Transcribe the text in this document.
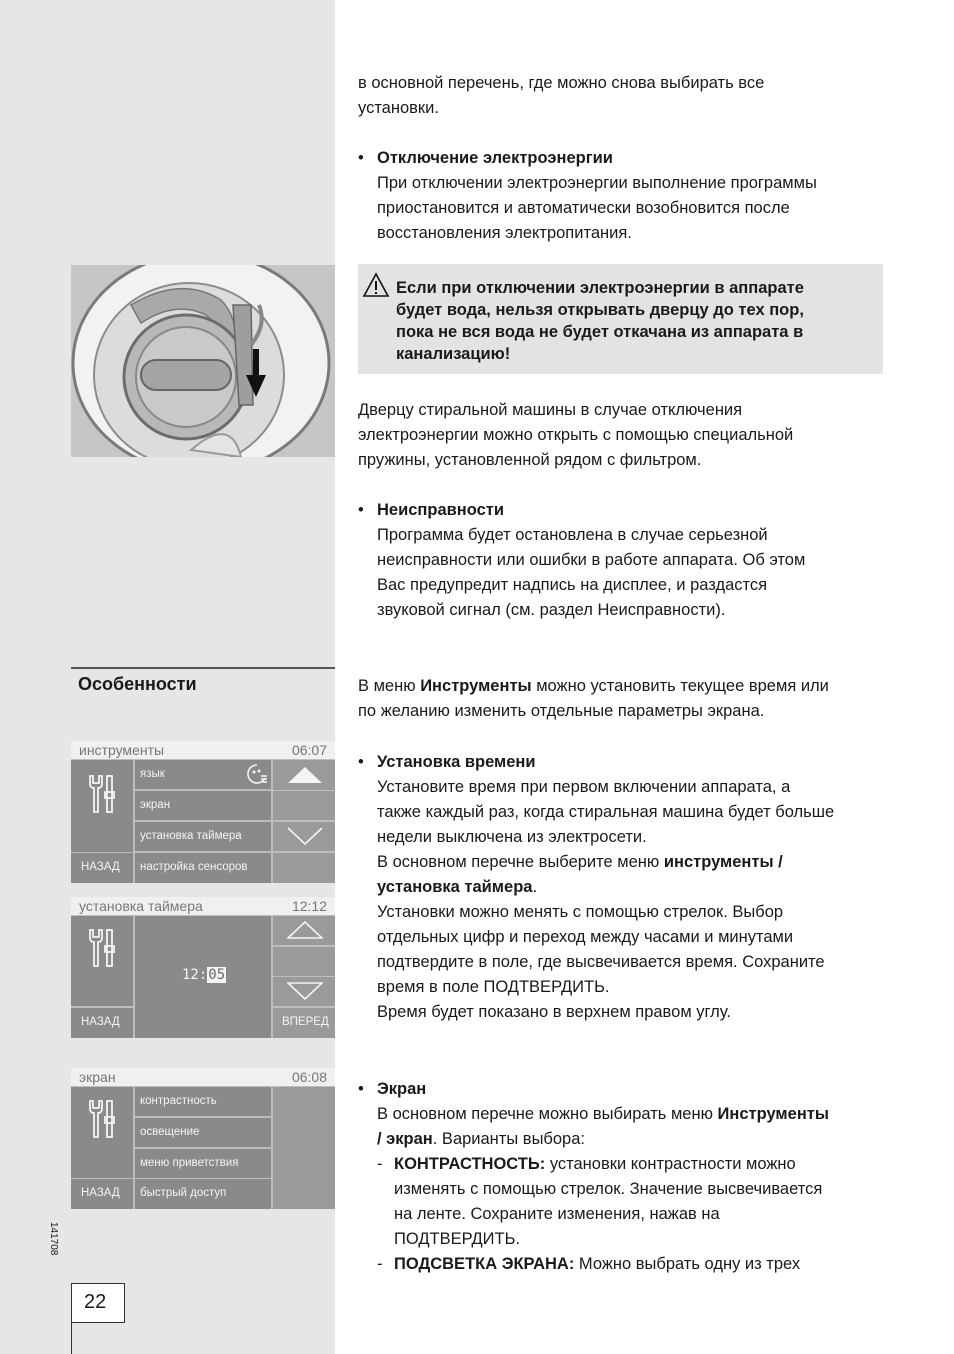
в основной перечень, где можно снова выбирать все
установки.
• Отключение электроэнергии
При отключении электроэнергии выполнение программы
приостановится и автоматически возобновится после
восстановления электропитания.
Если при отключении электроэнергии в аппарате
будет вода, нельзя открывать дверцу до тех пор,
пока не вся вода не будет откачана из аппарата в
канализацию!
Дверцу стиральной машины в случае отключения
электроэнергии можно открыть с помощью специальной
пружины, установленной рядом с фильтром.
• Неисправности
Программа будет остановлена в случае серьезной
неисправности или ошибки в работе аппарата. Об этом
Вас предупредит надпись на дисплее, и раздастся
звуковой сигнал (см. раздел Неисправности).
Особенности	В меню Инструменты можно установить текущее время или
по желанию изменить отдельные параметры экрана.
• Установка времени
Установите время при первом включении аппарата, а
также каждый раз, когда стиральная машина будет больше
недели выключена из электросети.
В основном перечне выберите меню инструменты /
установка таймера.
Установки можно менять с помощью стрелок. Выбор
отдельных цифр и переход между часами и минутами
подтвердите в поле, где высвечивается время. Сохраните
время в поле ПОДТВЕРДИТЬ.
Время будет показано в верхнем правом углу.
• Экран
В основном перечне можно выбирать меню Инструменты
/ экран. Варианты выбора:
- КОНТРАСТНОСТЬ: установки контрастности можно
изменять с помощью стрелок. Значение высвечивается
на ленте. Сохраните изменения, нажав на
ПОДТВЕРДИТЬ.
- ПОДСВЕТКА ЭКРАНА: Можно выбрать одну из трех
инструменты	06:07
НАЗАД
язык
экран
установка таймера
настройка сенсоров
установка таймера	12:12
НАЗАД
12:05
ВПЕРЕД
экран	06:08
НАЗАД
контрастность
освещение
меню приветствия
быстрый доступ
141708
22
